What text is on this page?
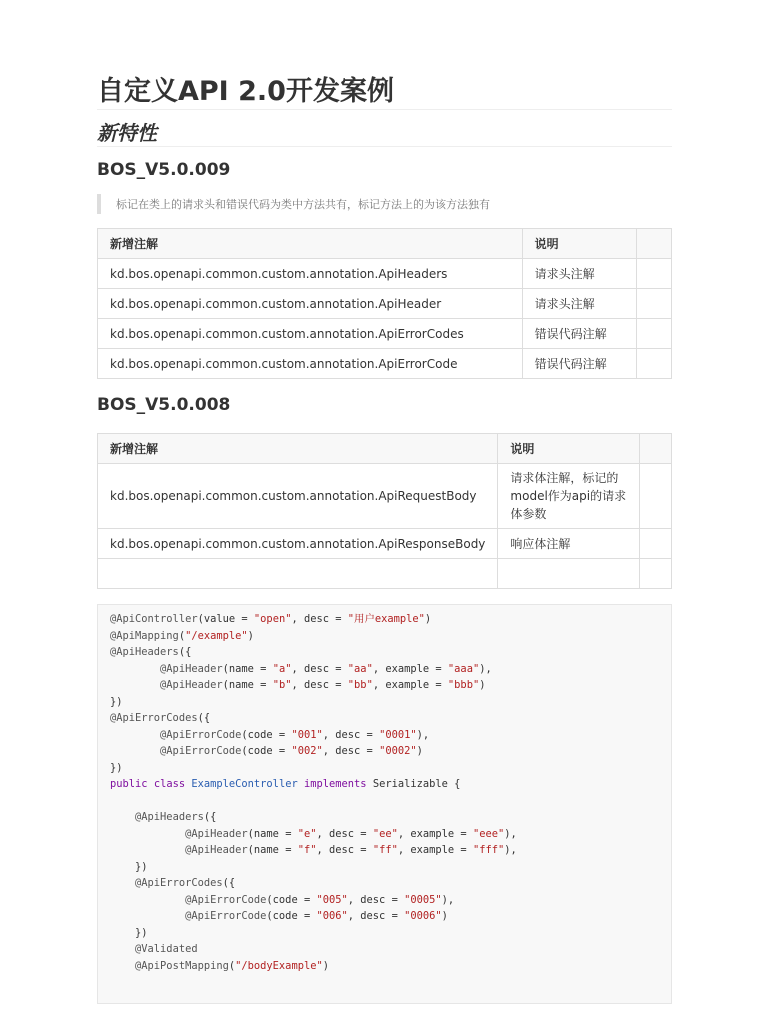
自定义API 2.0开发案例
新特性
BOS_V5.0.009
标记在类上的请求头和错误代码为类中方法共有，标记方法上的为该方法独有
新增注解	说明	
kd.bos.openapi.common.custom.annotation.ApiHeaders	请求头注解	
kd.bos.openapi.common.custom.annotation.ApiHeader	请求头注解	
kd.bos.openapi.common.custom.annotation.ApiErrorCodes	错误代码注解	
kd.bos.openapi.common.custom.annotation.ApiErrorCode	错误代码注解	
BOS_V5.0.008
新增注解	说明	
kd.bos.openapi.common.custom.annotation.ApiRequestBody	请求体注解，标记的model作为api的请求体参数	
kd.bos.openapi.common.custom.annotation.ApiResponseBody	响应体注解	

@ApiController(value = "open", desc = "用户example")
@ApiMapping("/example")
@ApiHeaders({
@ApiHeader(name = "a", desc = "aa", example = "aaa"),
@ApiHeader(name = "b", desc = "bb", example = "bbb")
})
@ApiErrorCodes({
@ApiErrorCode(code = "001", desc = "0001"),
@ApiErrorCode(code = "002", desc = "0002")
})
public class ExampleController implements Serializable {

@ApiHeaders({
@ApiHeader(name = "e", desc = "ee", example = "eee"),
@ApiHeader(name = "f", desc = "ff", example = "fff"),
})
@ApiErrorCodes({
@ApiErrorCode(code = "005", desc = "0005"),
@ApiErrorCode(code = "006", desc = "0006")
})
@Validated
@ApiPostMapping("/bodyExample")
